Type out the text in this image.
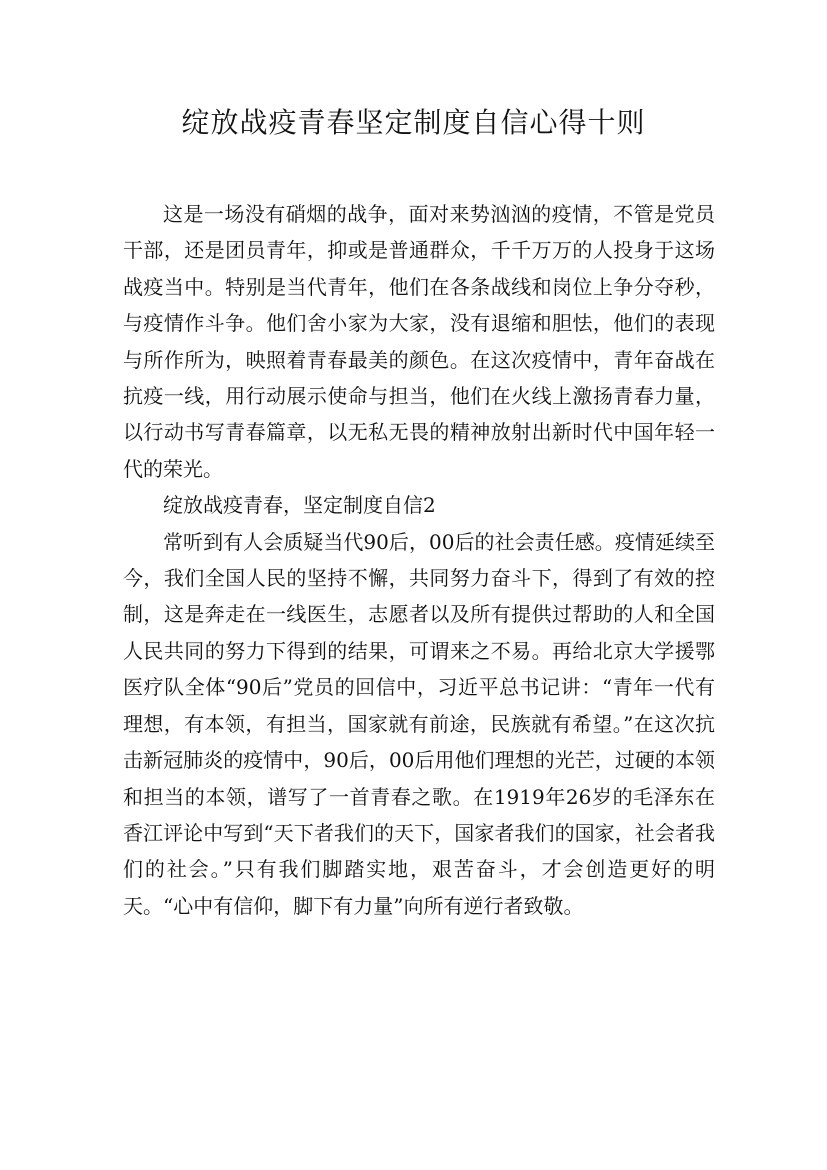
绽放战疫青春坚定制度自信心得十则

这是一场没有硝烟的战争，面对来势汹汹的疫情，不管是党员干部，还是团员青年，抑或是普通群众，千千万万的人投身于这场战疫当中。特别是当代青年，他们在各条战线和岗位上争分夺秒，与疫情作斗争。他们舍小家为大家，没有退缩和胆怯，他们的表现与所作所为，映照着青春最美的颜色。在这次疫情中，青年奋战在抗疫一线，用行动展示使命与担当，他们在火线上激扬青春力量，以行动书写青春篇章，以无私无畏的精神放射出新时代中国年轻一代的荣光。

绽放战疫青春，坚定制度自信2

常听到有人会质疑当代90后，00后的社会责任感。疫情延续至今，我们全国人民的坚持不懈，共同努力奋斗下，得到了有效的控制，这是奔走在一线医生，志愿者以及所有提供过帮助的人和全国人民共同的努力下得到的结果，可谓来之不易。再给北京大学援鄂医疗队全体“90后”党员的回信中，习近平总书记讲：“青年一代有理想，有本领，有担当，国家就有前途，民族就有希望。”在这次抗击新冠肺炎的疫情中，90后，00后用他们理想的光芒，过硬的本领和担当的本领，谱写了一首青春之歌。在1919年26岁的毛泽东在香江评论中写到“天下者我们的天下，国家者我们的国家，社会者我们的社会。”只有我们脚踏实地，艰苦奋斗，才会创造更好的明天。“心中有信仰，脚下有力量”向所有逆行者致敬。
